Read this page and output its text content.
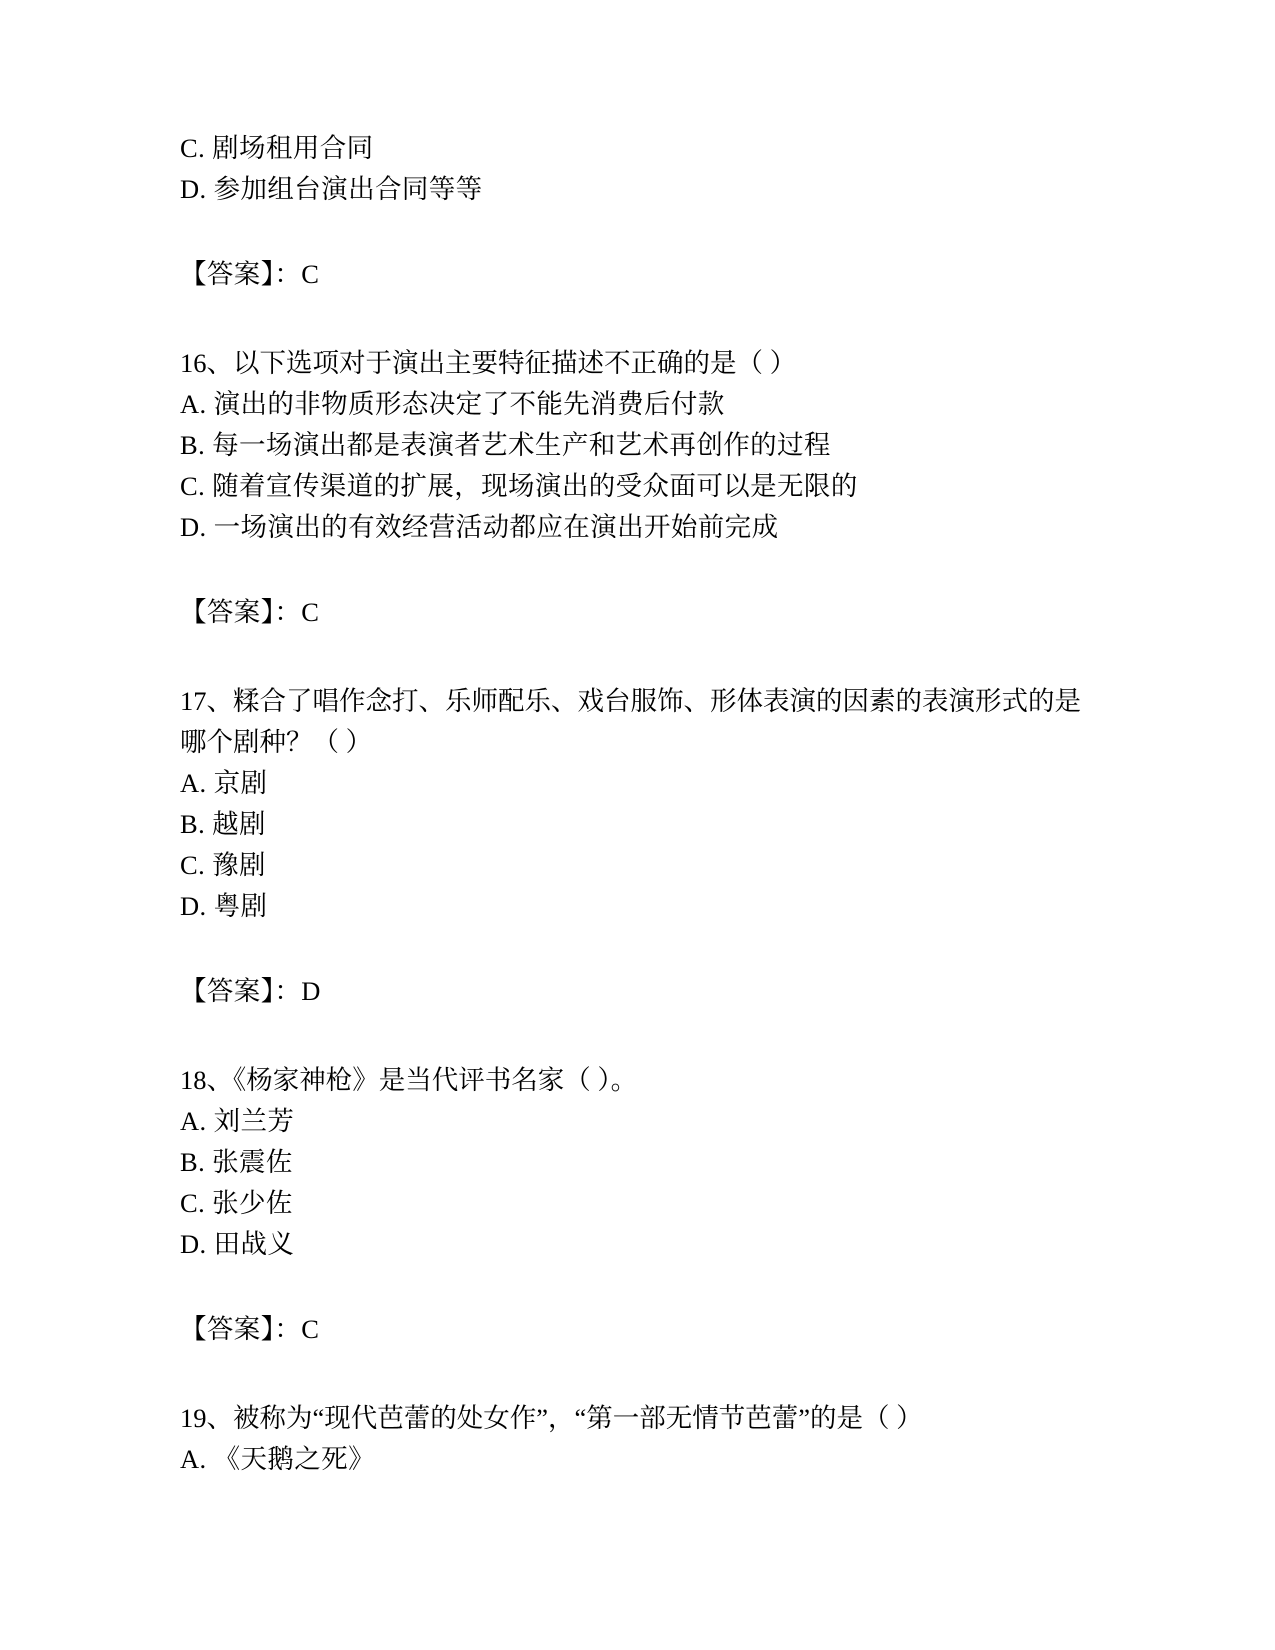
C. 剧场租用合同
D. 参加组台演出合同等等
【答案】：C
16、以下选项对于演出主要特征描述不正确的是（ ）
A. 演出的非物质形态决定了不能先消费后付款
B. 每一场演出都是表演者艺术生产和艺术再创作的过程
C. 随着宣传渠道的扩展，现场演出的受众面可以是无限的
D. 一场演出的有效经营活动都应在演出开始前完成
【答案】：C
17、糅合了唱作念打、乐师配乐、戏台服饰、形体表演的因素的表演形式的是哪个剧种？（ ）
A. 京剧
B. 越剧
C. 豫剧
D. 粤剧
【答案】：D
18、《杨家神枪》是当代评书名家（ ）。
A. 刘兰芳
B. 张震佐
C. 张少佐
D. 田战义
【答案】：C
19、被称为“现代芭蕾的处女作”，“第一部无情节芭蕾”的是（ ）
A. 《天鹅之死》
